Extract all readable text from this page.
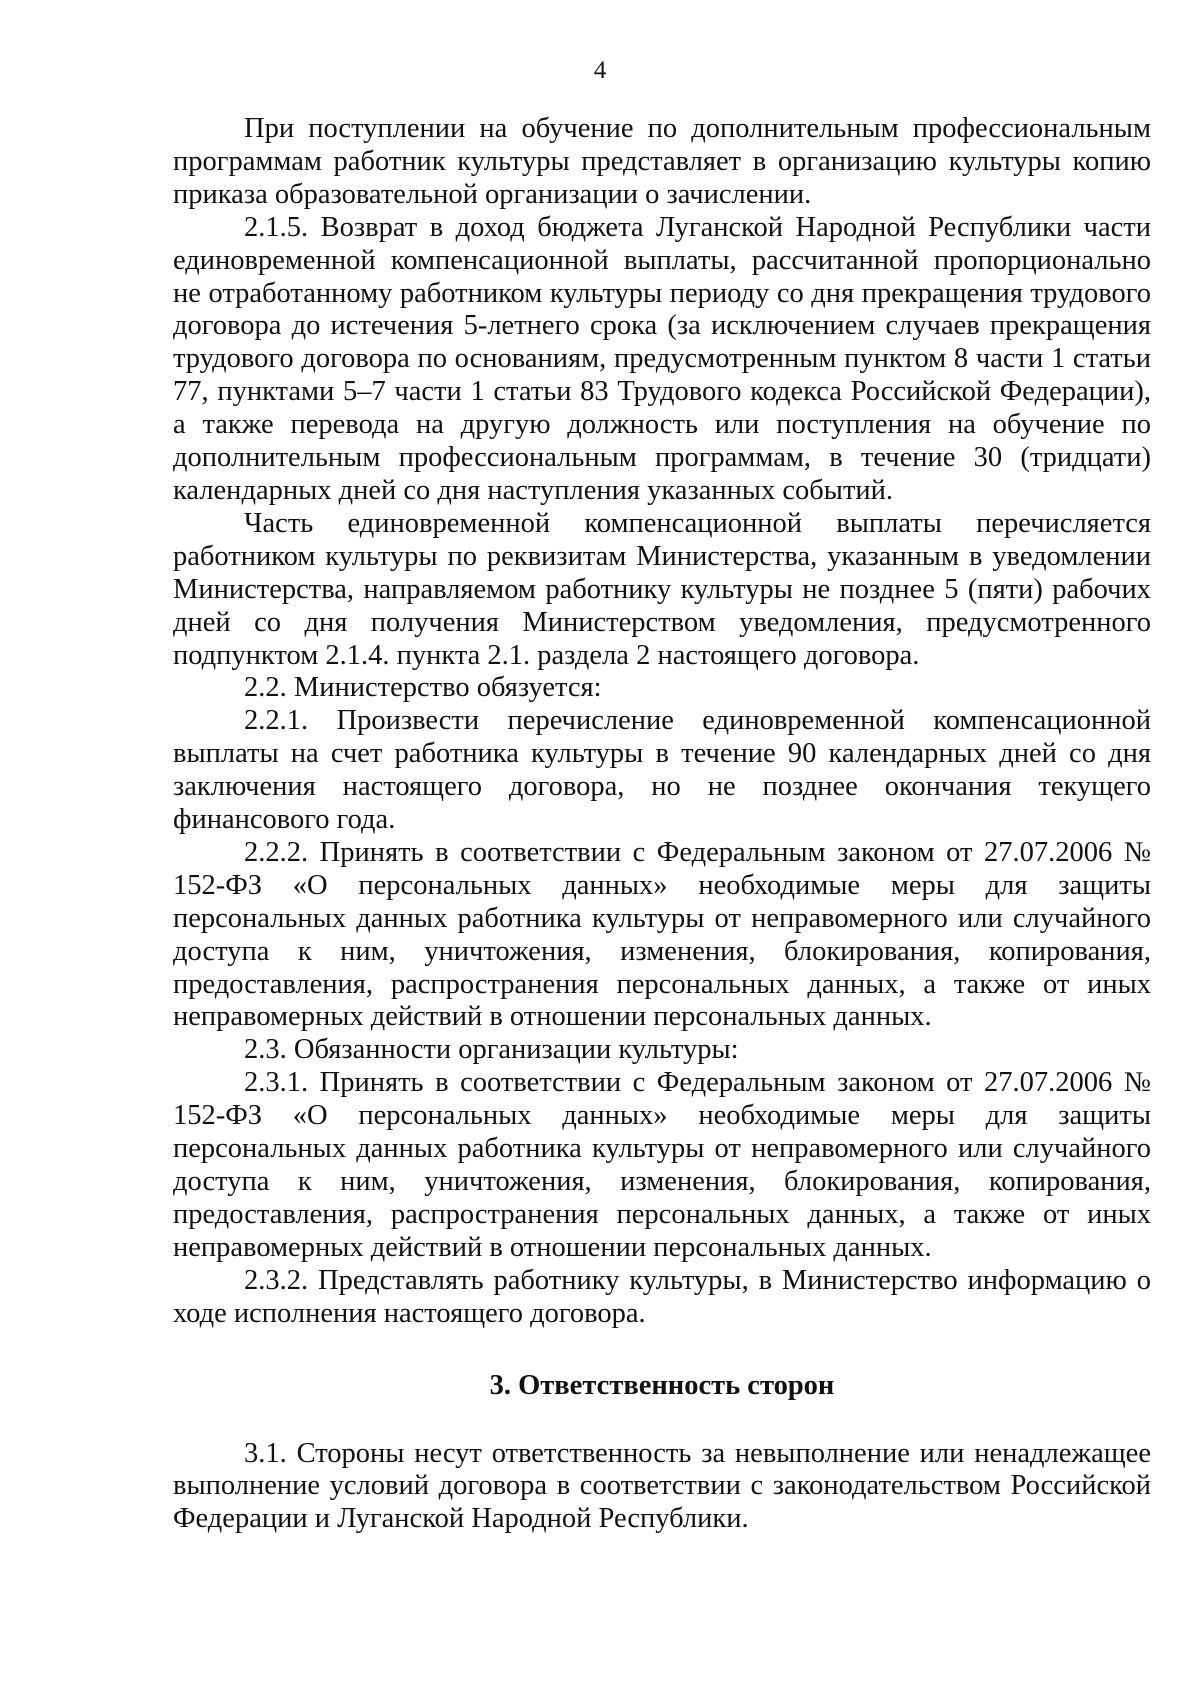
4

При поступлении на обучение по дополнительным профессиональным программам работник культуры представляет в организацию культуры копию приказа образовательной организации о зачислении.

2.1.5. Возврат в доход бюджета Луганской Народной Республики части единовременной компенсационной выплаты, рассчитанной пропорционально не отработанному работником культуры периоду со дня прекращения трудового договора до истечения 5-летнего срока (за исключением случаев прекращения трудового договора по основаниям, предусмотренным пунктом 8 части 1 статьи 77, пунктами 5–7 части 1 статьи 83 Трудового кодекса Российской Федерации), а также перевода на другую должность или поступления на обучение по дополнительным профессиональным программам, в течение 30 (тридцати) календарных дней со дня наступления указанных событий.

Часть единовременной компенсационной выплаты перечисляется работником культуры по реквизитам Министерства, указанным в уведомлении Министерства, направляемом работнику культуры не позднее 5 (пяти) рабочих дней со дня получения Министерством уведомления, предусмотренного подпунктом 2.1.4. пункта 2.1. раздела 2 настоящего договора.

2.2. Министерство обязуется:

2.2.1. Произвести перечисление единовременной компенсационной выплаты на счет работника культуры в течение 90 календарных дней со дня заключения настоящего договора, но не позднее окончания текущего финансового года.

2.2.2. Принять в соответствии с Федеральным законом от 27.07.2006 № 152-ФЗ «О персональных данных» необходимые меры для защиты персональных данных работника культуры от неправомерного или случайного доступа к ним, уничтожения, изменения, блокирования, копирования, предоставления, распространения персональных данных, а также от иных неправомерных действий в отношении персональных данных.

2.3. Обязанности организации культуры:

2.3.1. Принять в соответствии с Федеральным законом от 27.07.2006 № 152-ФЗ «О персональных данных» необходимые меры для защиты персональных данных работника культуры от неправомерного или случайного доступа к ним, уничтожения, изменения, блокирования, копирования, предоставления, распространения персональных данных, а также от иных неправомерных действий в отношении персональных данных.

2.3.2. Представлять работнику культуры, в Министерство информацию о ходе исполнения настоящего договора.

3. Ответственность сторон

3.1. Стороны несут ответственность за невыполнение или ненадлежащее выполнение условий договора в соответствии с законодательством Российской Федерации и Луганской Народной Республики.
